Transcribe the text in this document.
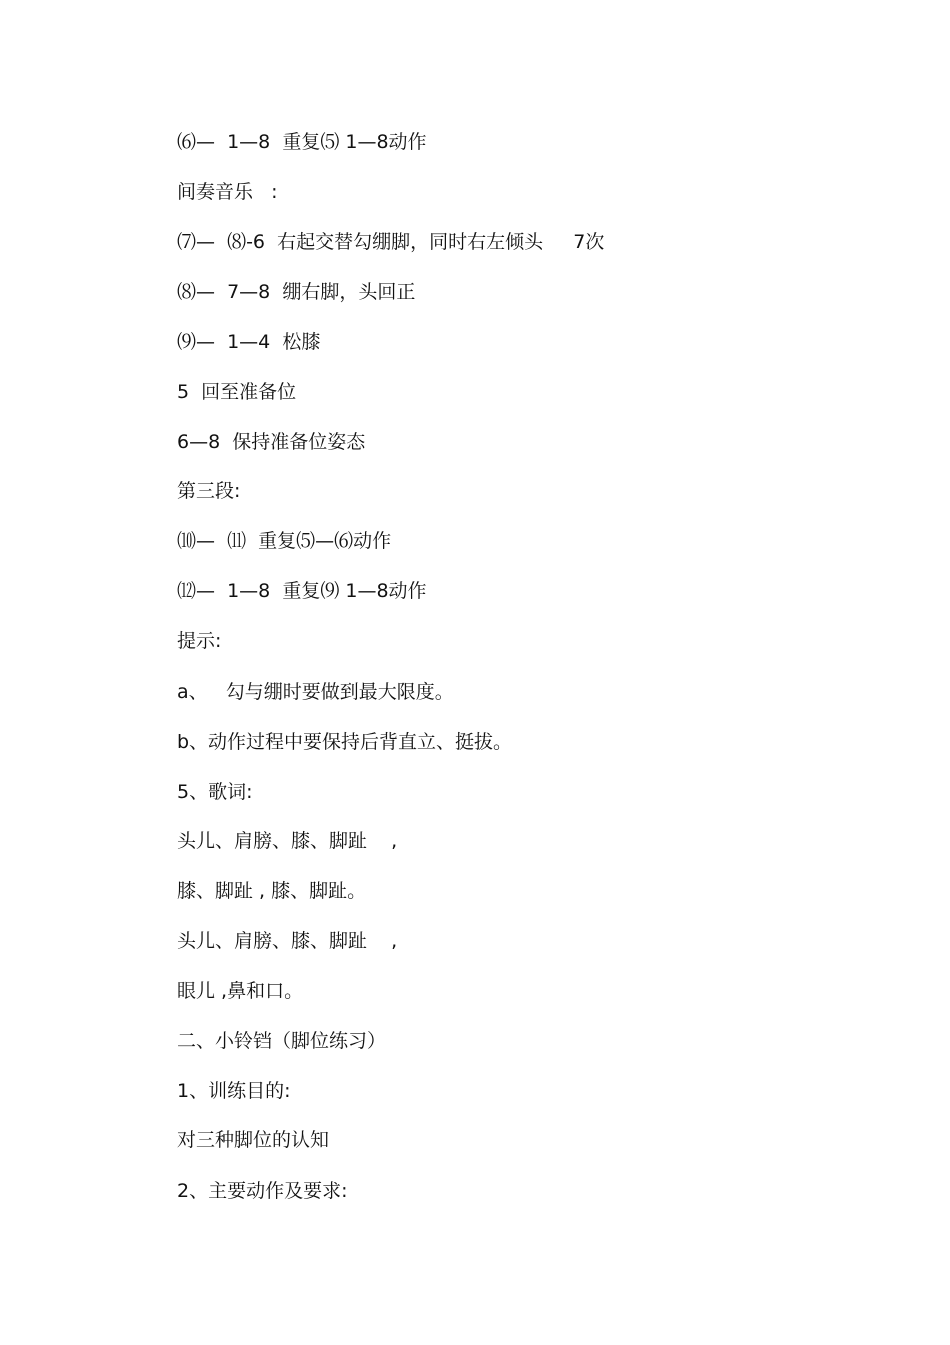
⑹—  1—8  重复⑸ 1—8动作
间奏音乐   :
⑺—  ⑻-6  右起交替勾绷脚，同时右左倾头     7次
⑻—  7—8  绷右脚，头回正
⑼—  1—4  松膝
5  回至准备位
6—8  保持准备位姿态
第三段:
⑽—  ⑾  重复⑸—⑹动作
⑿—  1—8  重复⑼ 1—8动作
提示:
a、   勾与绷时要做到最大限度。
b、动作过程中要保持后背直立、挺拔。
5、歌词:
头儿、肩膀、膝、脚趾    ,
膝、脚趾 , 膝、脚趾。
头儿、肩膀、膝、脚趾    ,
眼儿 ,鼻和口。
二、小铃铛（脚位练习）
1、训练目的:
对三种脚位的认知
2、主要动作及要求:
